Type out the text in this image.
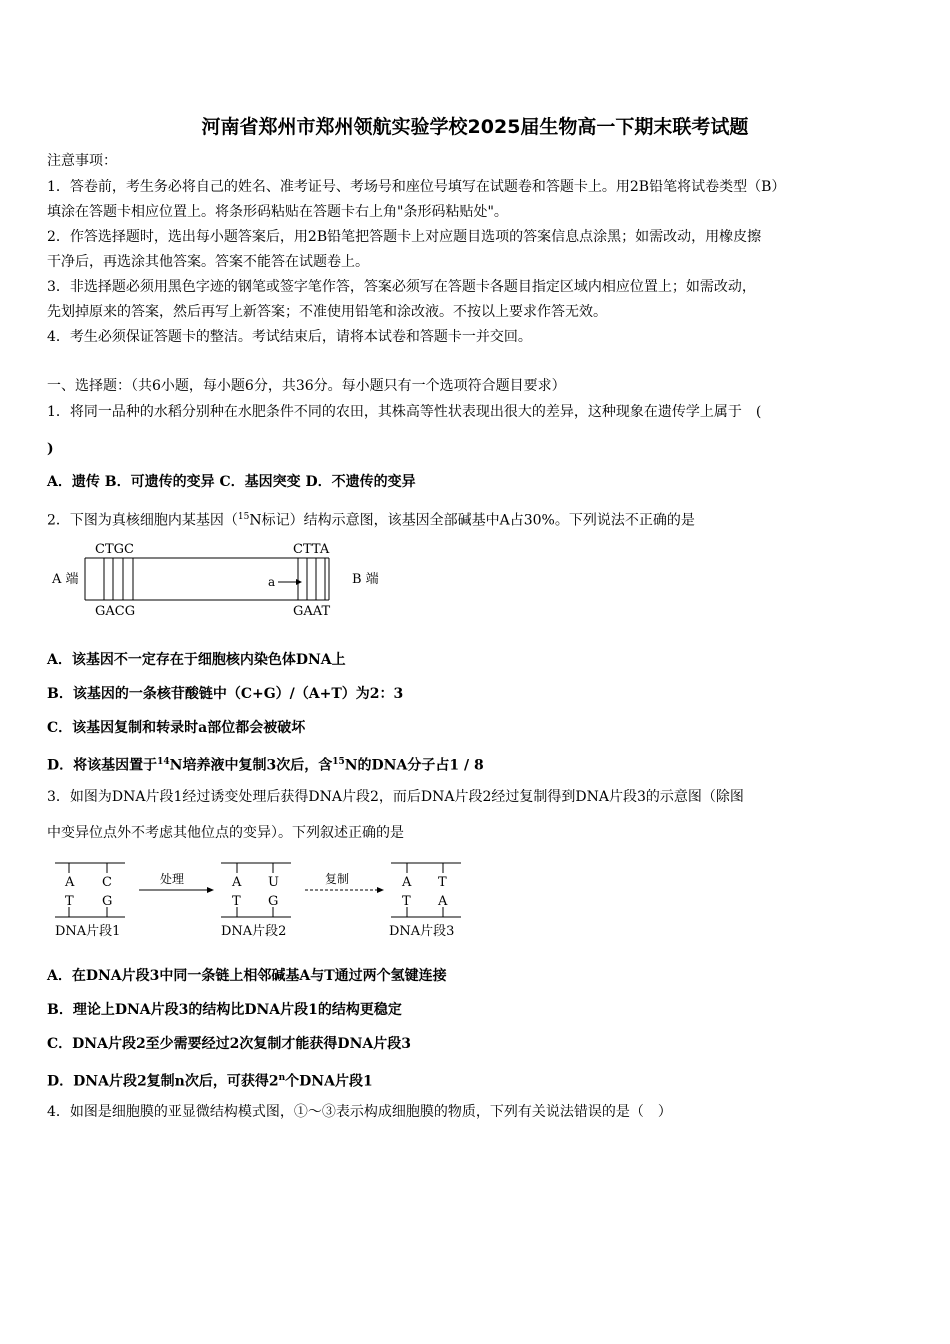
河南省郑州市郑州领航实验学校2025届生物高一下期末联考试题
注意事项：
1．答卷前，考生务必将自己的姓名、准考证号、考场号和座位号填写在试题卷和答题卡上。用2B铅笔将试卷类型（B）
填涂在答题卡相应位置上。将条形码粘贴在答题卡右上角"条形码粘贴处"。
2．作答选择题时，选出每小题答案后，用2B铅笔把答题卡上对应题目选项的答案信息点涂黑；如需改动，用橡皮擦
干净后，再选涂其他答案。答案不能答在试题卷上。
3．非选择题必须用黑色字迹的钢笔或签字笔作答，答案必须写在答题卡各题目指定区域内相应位置上；如需改动，
先划掉原来的答案，然后再写上新答案；不准使用铅笔和涂改液。不按以上要求作答无效。
4．考生必须保证答题卡的整洁。考试结束后，请将本试卷和答题卡一并交回。
一、选择题：（共6小题，每小题6分，共36分。每小题只有一个选项符合题目要求）
1．将同一品种的水稻分别种在水肥条件不同的农田，其株高等性状表现出很大的差异，这种现象在遗传学上属于　(
)
A．遗传 B．可遗传的变异 C．基因突变 D．不遗传的变异
2．下图为真核细胞内某基因（$^{15}$N标记）结构示意图，该基因全部碱基中A占30%。下列说法不正确的是
CTGC
GACG
CTTA
GAAT
A 端	B 端
a
A．该基因不一定存在于细胞核内染色体DNA上
B．该基因的一条核苷酸链中（C+G）/（A+T）为2：3
C．该基因复制和转录时a部位都会被破坏
D．将该基因置于$^{14}$N培养液中复制3次后，含$^{15}$N的DNA分子占1 / 8
3．如图为DNA片段1经过诱变处理后获得DNA片段2，而后DNA片段2经过复制得到DNA片段3的示意图（除图
中变异位点外不考虑其他位点的变异）。下列叙述正确的是
A C
T G
DNA片段1
处理	A U
T G
DNA片段2
复制	A T
T A
DNA片段3
A．在DNA片段3中同一条链上相邻碱基A与T通过两个氢键连接
B．理论上DNA片段3的结构比DNA片段1的结构更稳定
C．DNA片段2至少需要经过2次复制才能获得DNA片段3
D．DNA片段2复制n次后，可获得2$^n$个DNA片段1
4．如图是细胞膜的亚显微结构模式图，①～③表示构成细胞膜的物质，下列有关说法错误的是（　）
